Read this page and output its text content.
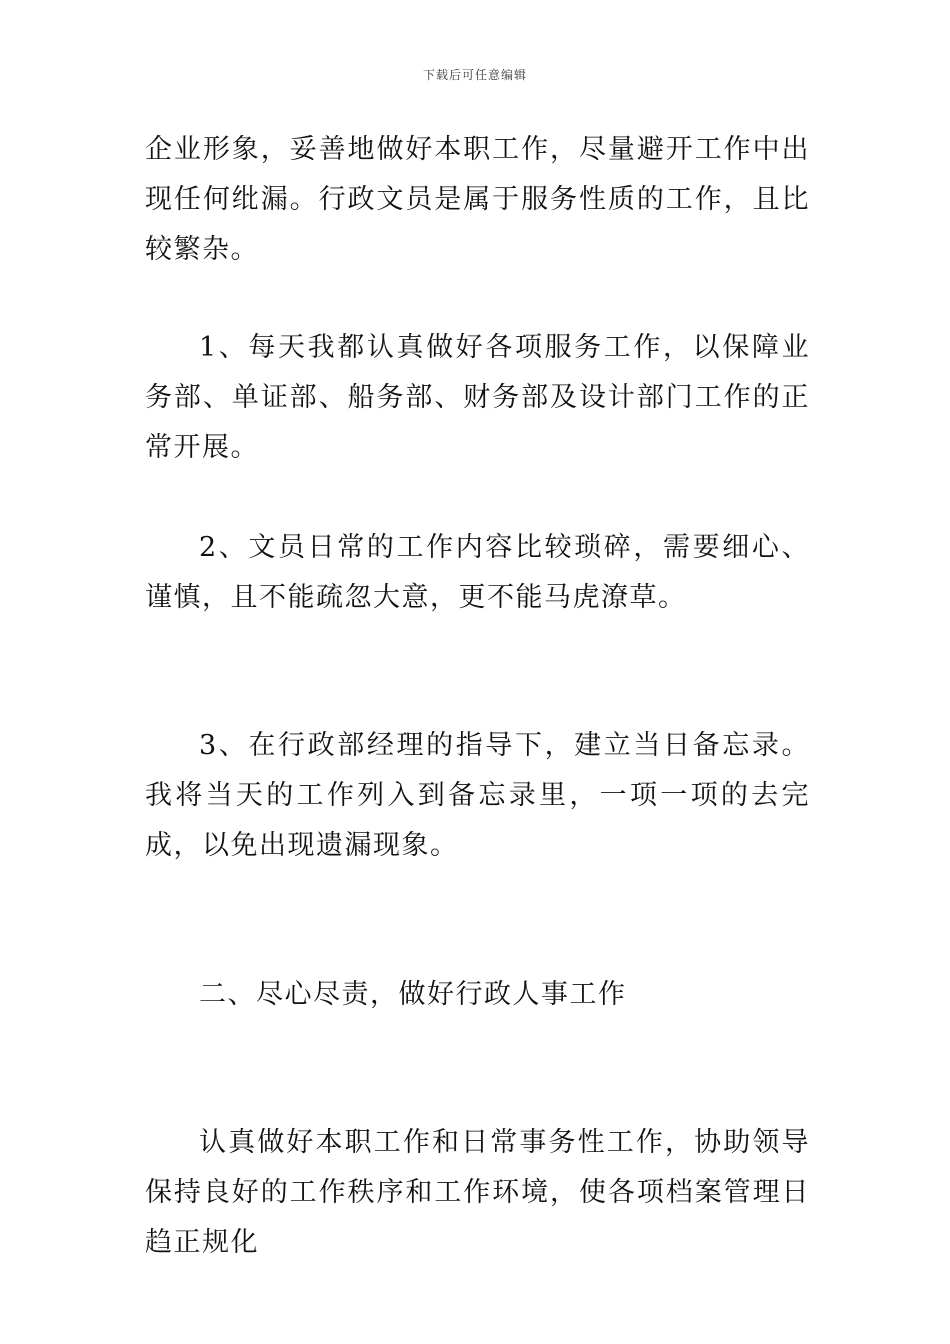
下载后可任意编辑

企业形象，妥善地做好本职工作，尽量避开工作中出现任何纰漏。行政文员是属于服务性质的工作，且比较繁杂。

1、每天我都认真做好各项服务工作，以保障业务部、单证部、船务部、财务部及设计部门工作的正常开展。

2、文员日常的工作内容比较琐碎，需要细心、谨慎，且不能疏忽大意，更不能马虎潦草。

3、在行政部经理的指导下，建立当日备忘录。我将当天的工作列入到备忘录里，一项一项的去完成，以免出现遗漏现象。

二、尽心尽责，做好行政人事工作

认真做好本职工作和日常事务性工作，协助领导保持良好的工作秩序和工作环境，使各项档案管理日趋正规化
